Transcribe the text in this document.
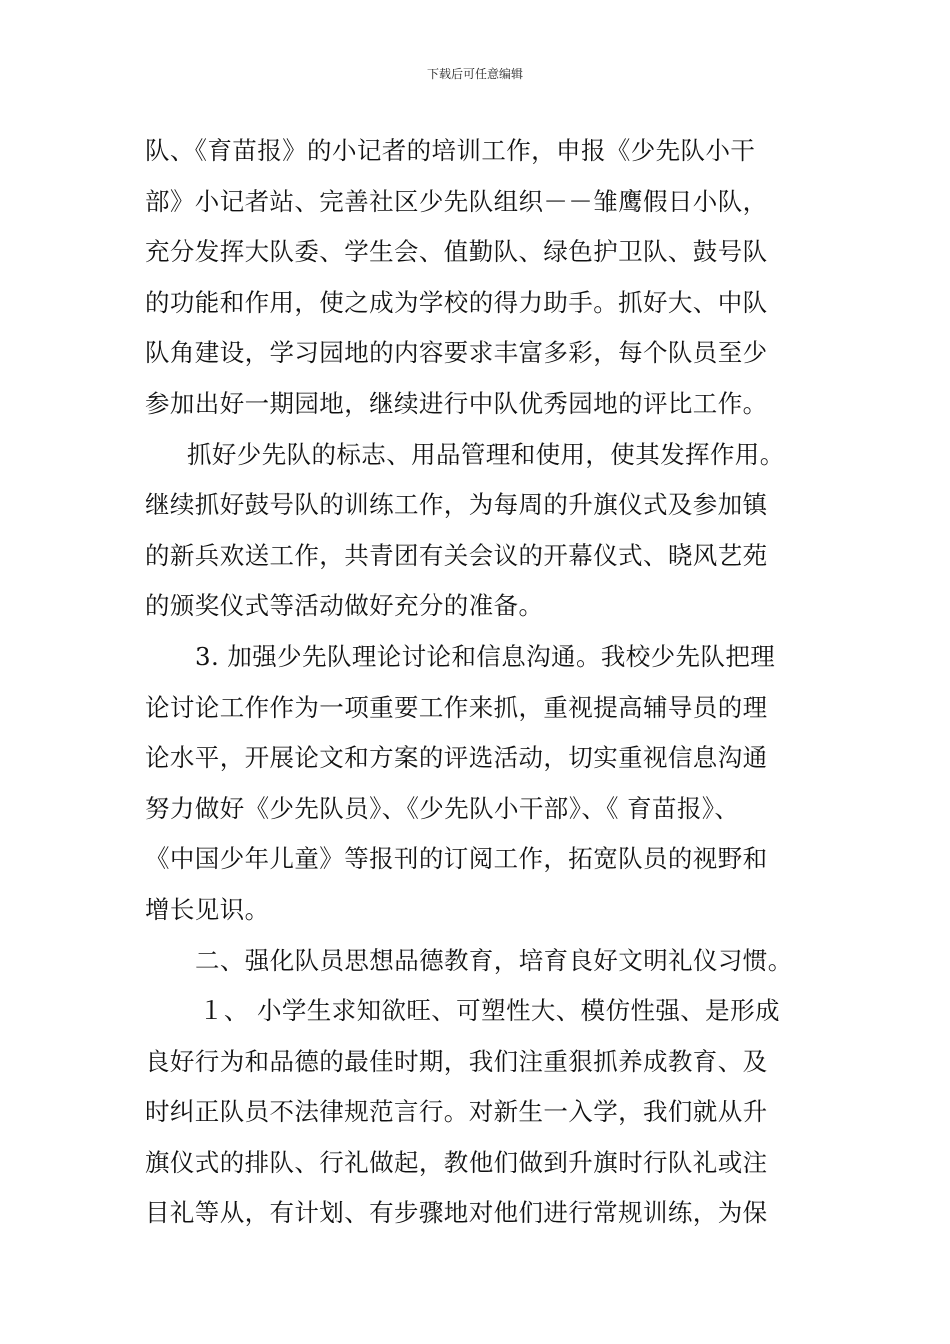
下载后可任意编辑
队、《育苗报》的小记者的培训工作，申报《少先队小干
部》小记者站、完善社区少先队组织－－雏鹰假日小队，
充分发挥大队委、学生会、值勤队、绿色护卫队、鼓号队
的功能和作用，使之成为学校的得力助手。抓好大、中队
队角建设，学习园地的内容要求丰富多彩，每个队员至少
参加出好一期园地，继续进行中队优秀园地的评比工作。
抓好少先队的标志、用品管理和使用，使其发挥作用。
继续抓好鼓号队的训练工作，为每周的升旗仪式及参加镇
的新兵欢送工作，共青团有关会议的开幕仪式、晓风艺苑
的颁奖仪式等活动做好充分的准备。
3. 加强少先队理论讨论和信息沟通。我校少先队把理
论讨论工作作为一项重要工作来抓，重视提高辅导员的理
论水平，开展论文和方案的评选活动，切实重视信息沟通
努力做好《少先队员》、《少先队小干部》、《 育苗报》、
《中国少年儿童》等报刊的订阅工作，拓宽队员的视野和
增长见识。
二、强化队员思想品德教育，培育良好文明礼仪习惯。
１、 小学生求知欲旺、可塑性大、模仿性强、是形成
良好行为和品德的最佳时期，我们注重狠抓养成教育、及
时纠正队员不法律规范言行。对新生一入学，我们就从升
旗仪式的排队、行礼做起，教他们做到升旗时行队礼或注
目礼等从，有计划、有步骤地对他们进行常规训练，为保
